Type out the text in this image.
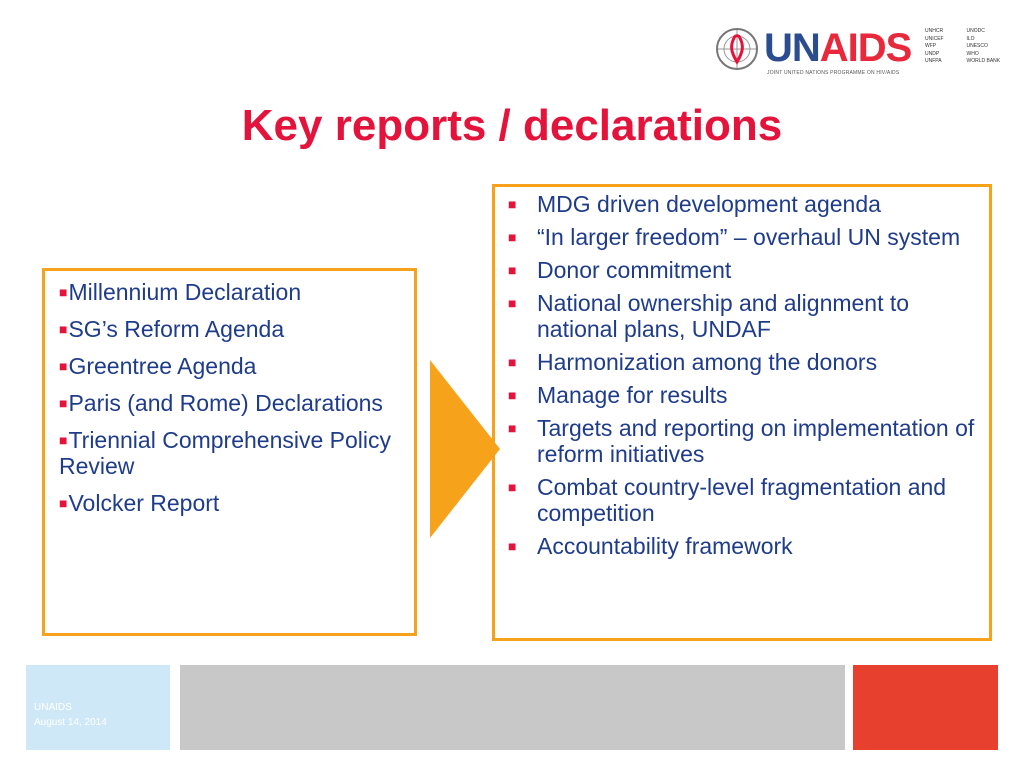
UNAIDS
JOINT UNITED NATIONS PROGRAMME ON HIV/AIDS
UNHCR
UNICEF
WFP
UNDP
UNFPA
UNODC
ILO
UNESCO
WHO
WORLD BANK
Key reports / declarations
■Millennium Declaration
■SG’s Reform Agenda
■Greentree Agenda
■Paris (and Rome) Declarations
■Triennial Comprehensive Policy Review
■Volcker Report
■ MDG driven development agenda
■ “In larger freedom” – overhaul UN system
■ Donor commitment
■ National ownership and alignment to national plans, UNDAF
■ Harmonization among the donors
■ Manage for results
■ Targets and reporting on implementation of reform initiatives
■ Combat country-level fragmentation and competition
■ Accountability framework
UNAIDS
August 14, 2014
